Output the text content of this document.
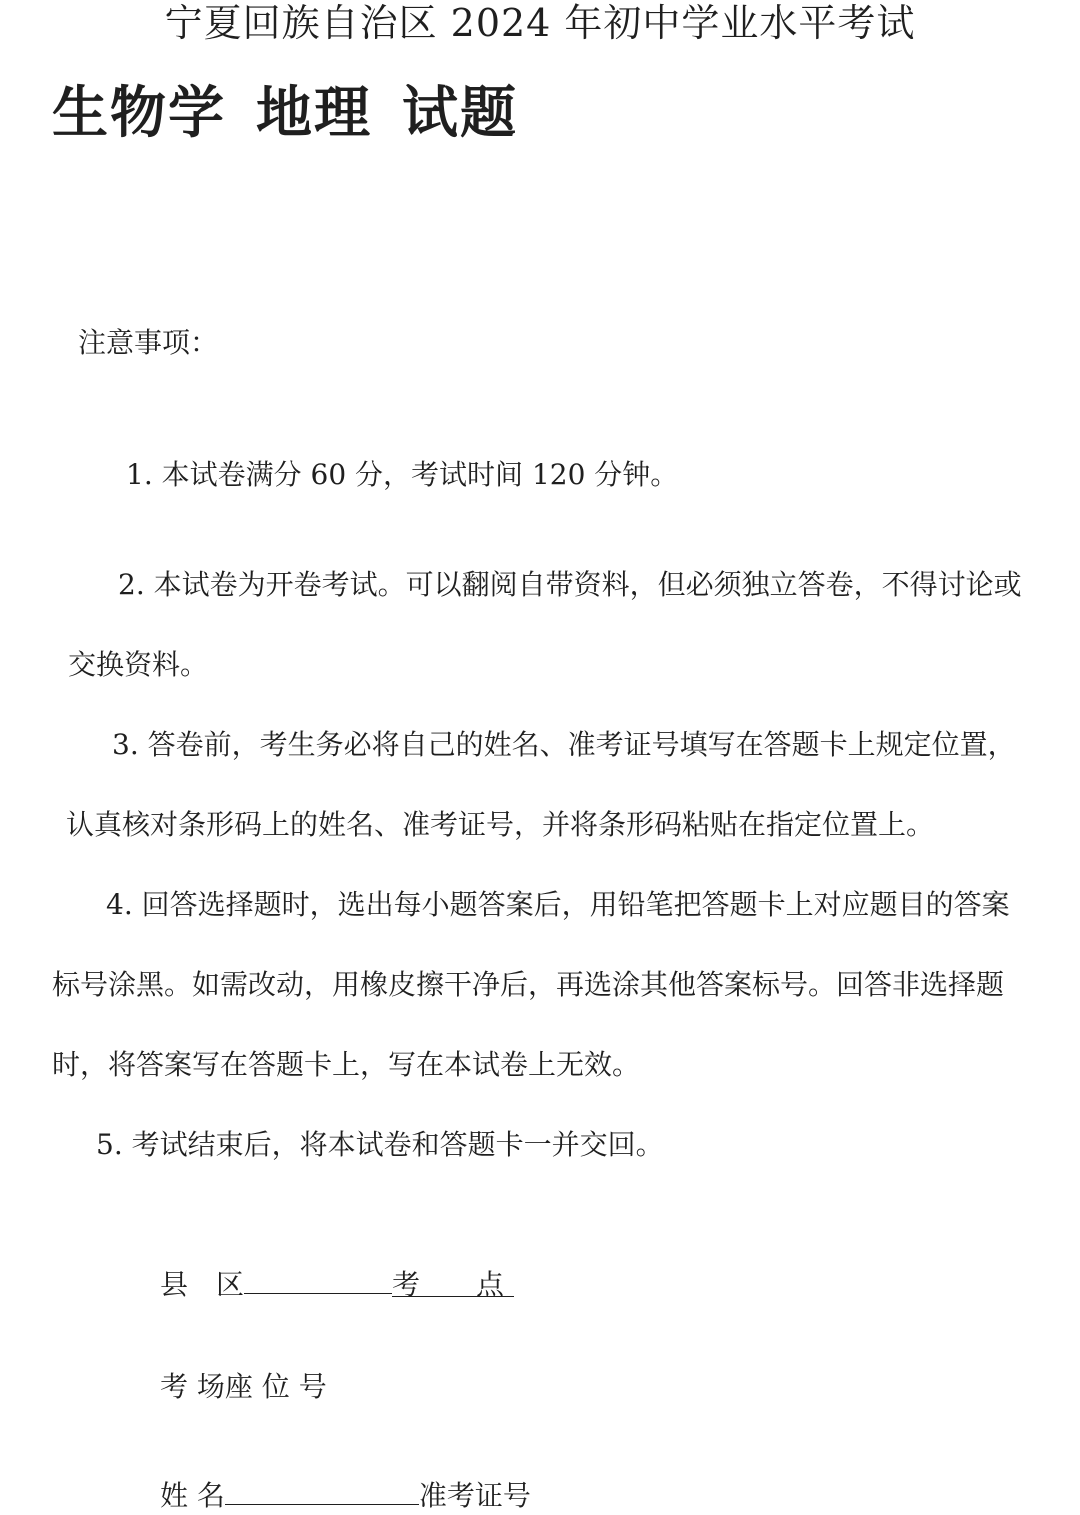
宁夏回族自治区 2024 年初中学业水平考试
生物学 地理 试题
注意事项：
1. 本试卷满分 60 分，考试时间 120 分钟。
2. 本试卷为开卷考试。可以翻阅自带资料，但必须独立答卷，不得讨论或
交换资料。
3. 答卷前，考生务必将自己的姓名、准考证号填写在答题卡上规定位置，
认真核对条形码上的姓名、准考证号，并将条形码粘贴在指定位置上。
4. 回答选择题时，选出每小题答案后，用铅笔把答题卡上对应题目的答案
标号涂黑。如需改动，用橡皮擦干净后，再选涂其他答案标号。回答非选择题
时，将答案写在答题卡上，写在本试卷上无效。
5. 考试结束后，将本试卷和答题卡一并交回。
县　区	考　　点
考 场座 位 号
姓 名	准考证号
